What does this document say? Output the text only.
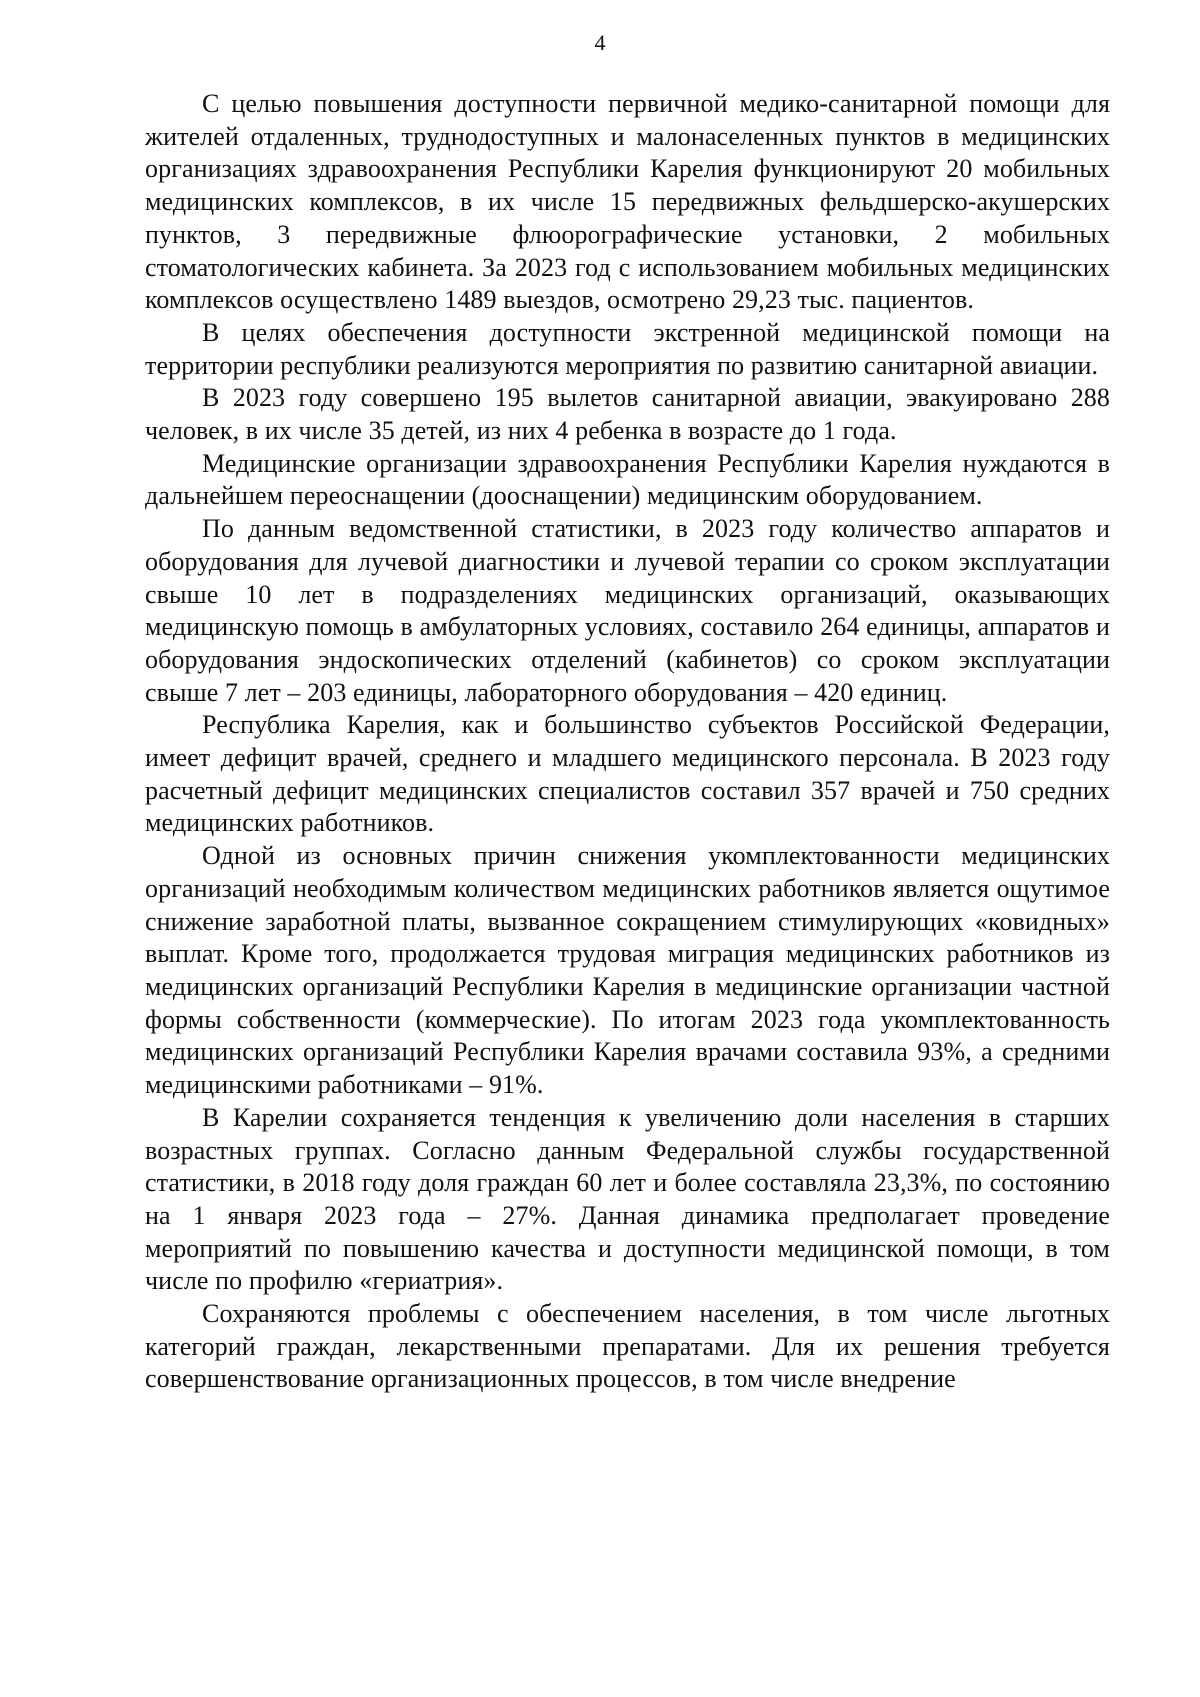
4

С целью повышения доступности первичной медико-санитарной помощи для жителей отдаленных, труднодоступных и малонаселенных пунктов в медицинских организациях здравоохранения Республики Карелия функционируют 20 мобильных медицинских комплексов, в их числе 15 передвижных фельдшерско-акушерских пунктов, 3 передвижные флюорографические установки, 2 мобильных стоматологических кабинета. За 2023 год с использованием мобильных медицинских комплексов осуществлено 1489 выездов, осмотрено 29,23 тыс. пациентов.

В целях обеспечения доступности экстренной медицинской помощи на территории республики реализуются мероприятия по развитию санитарной авиации.

В 2023 году совершено 195 вылетов санитарной авиации, эвакуировано 288 человек, в их числе 35 детей, из них 4 ребенка в возрасте до 1 года.

Медицинские организации здравоохранения Республики Карелия нуждаются в дальнейшем переоснащении (дооснащении) медицинским оборудованием.

По данным ведомственной статистики, в 2023 году количество аппаратов и оборудования для лучевой диагностики и лучевой терапии со сроком эксплуатации свыше 10 лет в подразделениях медицинских организаций, оказывающих медицинскую помощь в амбулаторных условиях, составило 264 единицы, аппаратов и оборудования эндоскопических отделений (кабинетов) со сроком эксплуатации свыше 7 лет – 203 единицы, лабораторного оборудования – 420 единиц.

Республика Карелия, как и большинство субъектов Российской Федерации, имеет дефицит врачей, среднего и младшего медицинского персонала. В 2023 году расчетный дефицит медицинских специалистов составил 357 врачей и 750 средних медицинских работников.

Одной из основных причин снижения укомплектованности медицинских организаций необходимым количеством медицинских работников является ощутимое снижение заработной платы, вызванное сокращением стимулирующих «ковидных» выплат. Кроме того, продолжается трудовая миграция медицинских работников из медицинских организаций Республики Карелия в медицинские организации частной формы собственности (коммерческие). По итогам 2023 года укомплектованность медицинских организаций Республики Карелия врачами составила 93%, а средними медицинскими работниками – 91%.

В Карелии сохраняется тенденция к увеличению доли населения в старших возрастных группах. Согласно данным Федеральной службы государственной статистики, в 2018 году доля граждан 60 лет и более составляла 23,3%, по состоянию на 1 января 2023 года – 27%. Данная динамика предполагает проведение мероприятий по повышению качества и доступности медицинской помощи, в том числе по профилю «гериатрия».

Сохраняются проблемы с обеспечением населения, в том числе льготных категорий граждан, лекарственными препаратами. Для их решения требуется совершенствование организационных процессов, в том числе внедрение
